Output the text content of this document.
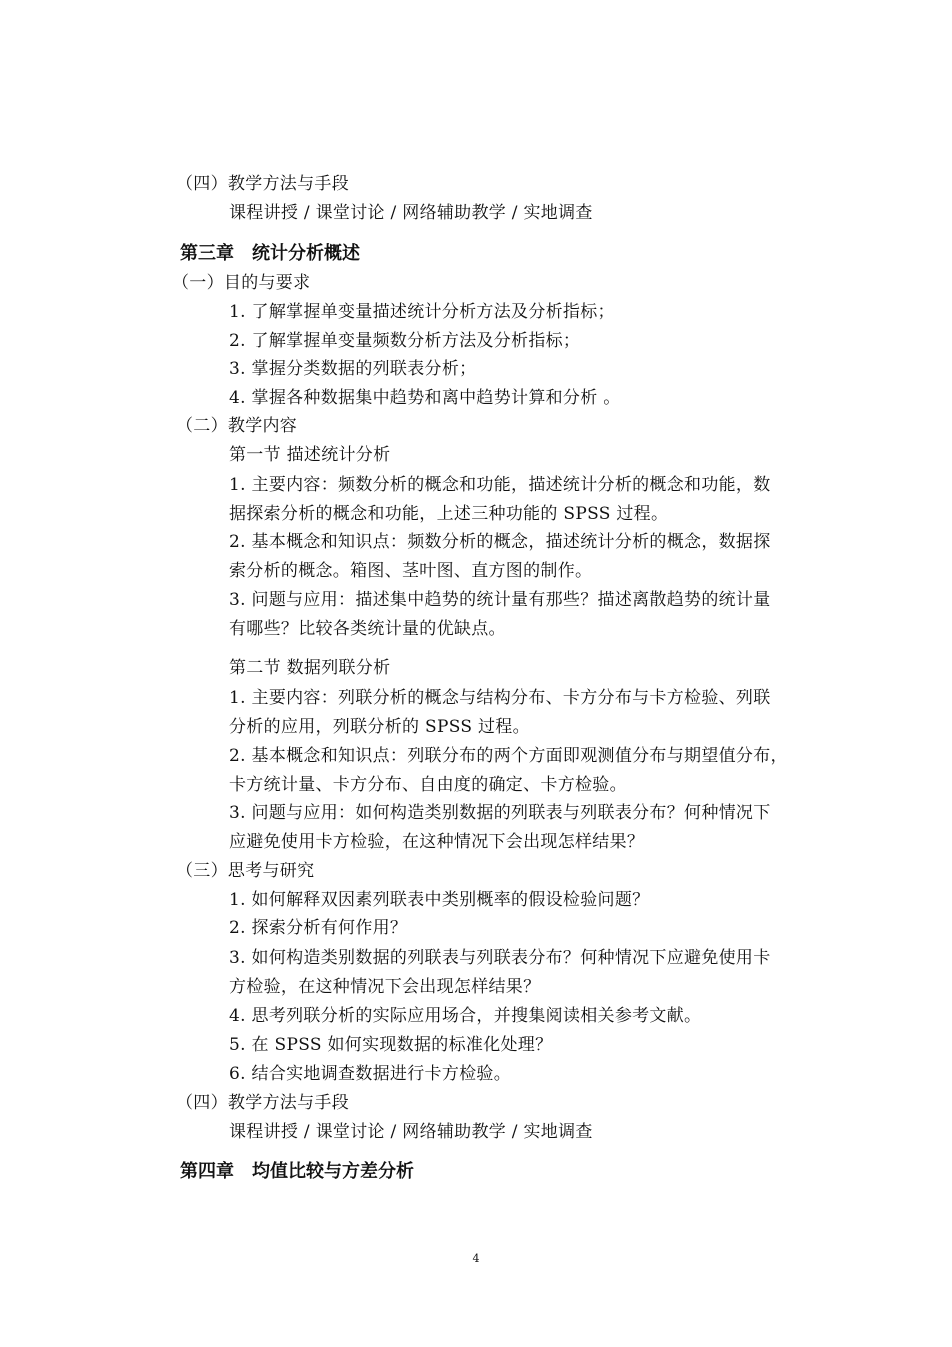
（四）教学方法与手段
课程讲授 / 课堂讨论 / 网络辅助教学 / 实地调查
第三章　统计分析概述
（一）目的与要求
1. 了解掌握单变量描述统计分析方法及分析指标；
2. 了解掌握单变量频数分析方法及分析指标；
3. 掌握分类数据的列联表分析；
4. 掌握各种数据集中趋势和离中趋势计算和分析 。
（二）教学内容
第一节 描述统计分析
1. 主要内容：频数分析的概念和功能，描述统计分析的概念和功能，数
据探索分析的概念和功能，上述三种功能的 SPSS 过程。
2. 基本概念和知识点：频数分析的概念，描述统计分析的概念，数据探
索分析的概念。箱图、茎叶图、直方图的制作。
3. 问题与应用：描述集中趋势的统计量有那些？描述离散趋势的统计量
有哪些？比较各类统计量的优缺点。
第二节 数据列联分析
1. 主要内容：列联分析的概念与结构分布、卡方分布与卡方检验、列联
分析的应用，列联分析的 SPSS 过程。
2. 基本概念和知识点：列联分布的两个方面即观测值分布与期望值分布，
卡方统计量、卡方分布、自由度的确定、卡方检验。
3. 问题与应用：如何构造类别数据的列联表与列联表分布？何种情况下
应避免使用卡方检验，在这种情况下会出现怎样结果？
（三）思考与研究
1. 如何解释双因素列联表中类别概率的假设检验问题？
2. 探索分析有何作用？
3. 如何构造类别数据的列联表与列联表分布？何种情况下应避免使用卡
方检验，在这种情况下会出现怎样结果？
4. 思考列联分析的实际应用场合，并搜集阅读相关参考文献。
5. 在 SPSS 如何实现数据的标准化处理？
6. 结合实地调查数据进行卡方检验。
（四）教学方法与手段
课程讲授 / 课堂讨论 / 网络辅助教学 / 实地调查
第四章　均值比较与方差分析
4
